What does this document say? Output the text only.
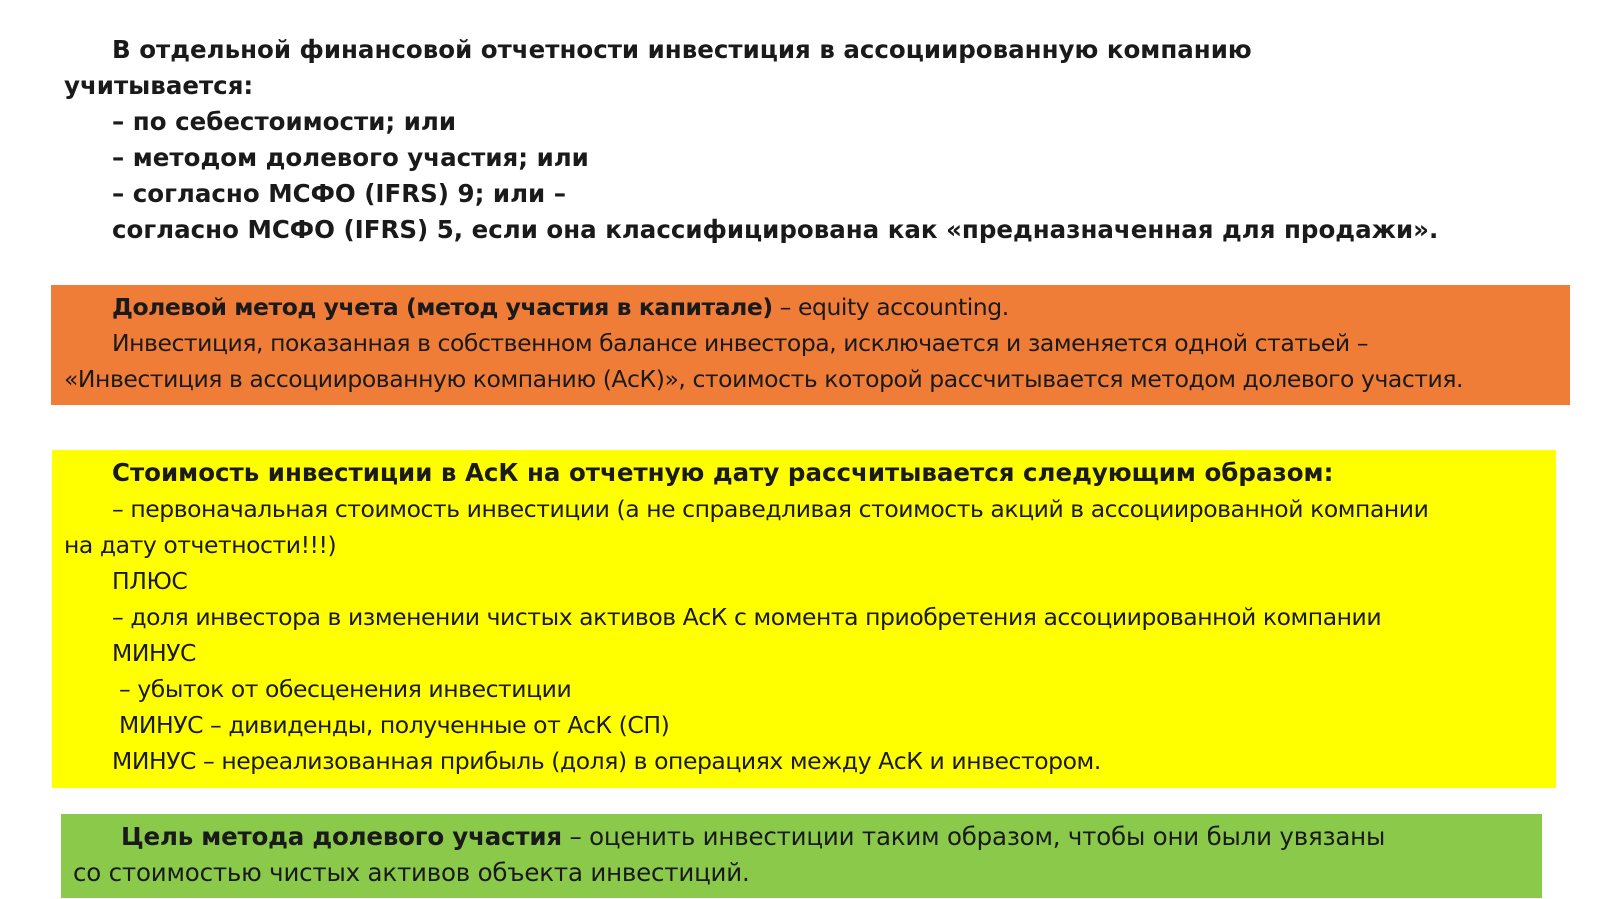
В отдельной финансовой отчетности инвестиция в ассоциированную компанию
учитывается:
– по себестоимости; или
– методом долевого участия; или
– согласно МСФО (IFRS) 9; или –
согласно МСФО (IFRS) 5, если она классифицирована как «предназначенная для продажи».
Долевой метод учета (метод участия в капитале) – equity accounting.
Инвестиция, показанная в собственном балансе инвестора, исключается и заменяется одной статьей –
«Инвестиция в ассоциированную компанию (АсК)», стоимость которой рассчитывается методом долевого участия.
Стоимость инвестиции в АсК на отчетную дату рассчитывается следующим образом:
– первоначальная стоимость инвестиции (а не справедливая стоимость акций в ассоциированной компании
на дату отчетности!!!)
ПЛЮС
– доля инвестора в изменении чистых активов АсК с момента приобретения ассоциированной компании
МИНУС
– убыток от обесценения инвестиции
МИНУС – дивиденды, полученные от АсК (СП)
МИНУС – нереализованная прибыль (доля) в операциях между АсК и инвестором.
Цель метода долевого участия – оценить инвестиции таким образом, чтобы они были увязаны
со стоимостью чистых активов объекта инвестиций.
